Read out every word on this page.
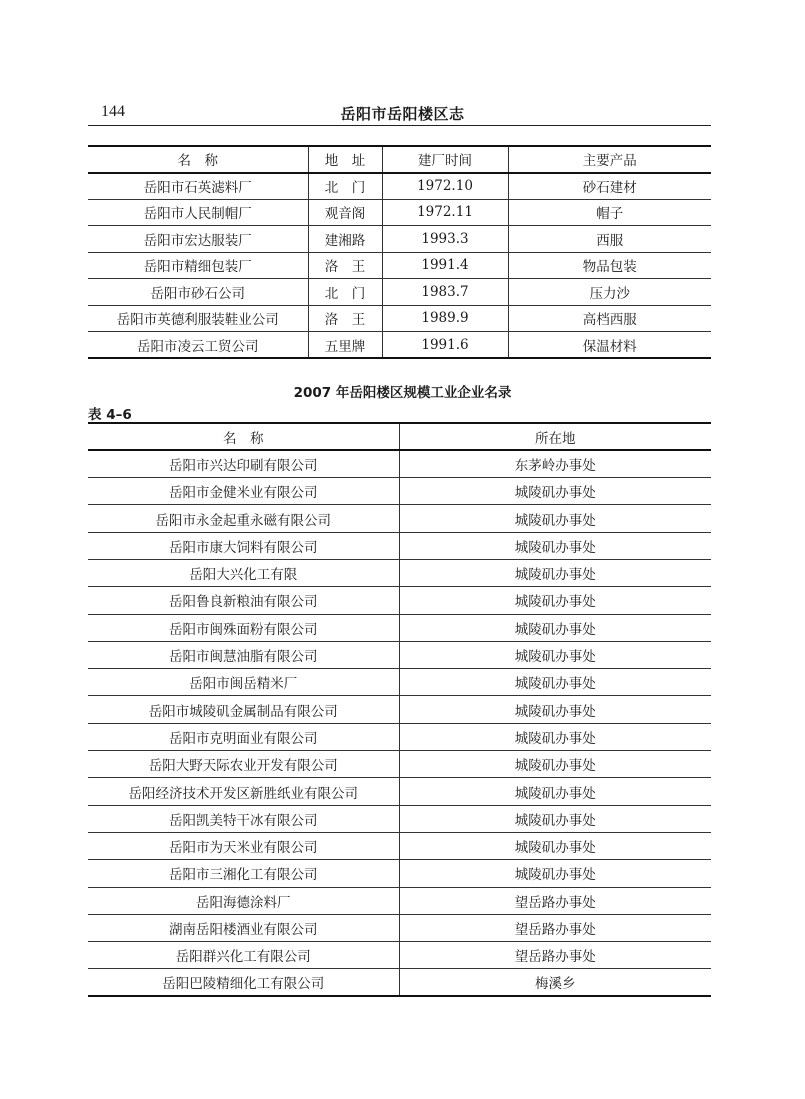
144	岳阳市岳阳楼区志
名　称	地　址	建厂时间	主要产品
岳阳市石英滤料厂	北　门	1972.10	砂石建材
岳阳市人民制帽厂	观音阁	1972.11	帽子
岳阳市宏达服装厂	建湘路	1993.3	西服
岳阳市精细包装厂	洛　王	1991.4	物品包装
岳阳市砂石公司	北　门	1983.7	压力沙
岳阳市英德利服装鞋业公司	洛　王	1989.9	高档西服
岳阳市凌云工贸公司	五里牌	1991.6	保温材料
2007 年岳阳楼区规模工业企业名录
表 4–6
名　称	所在地
岳阳市兴达印刷有限公司	东茅岭办事处
岳阳市金健米业有限公司	城陵矶办事处
岳阳市永金起重永磁有限公司	城陵矶办事处
岳阳市康大饲料有限公司	城陵矶办事处
岳阳大兴化工有限	城陵矶办事处
岳阳鲁良新粮油有限公司	城陵矶办事处
岳阳市闽殊面粉有限公司	城陵矶办事处
岳阳市闽慧油脂有限公司	城陵矶办事处
岳阳市闽岳精米厂	城陵矶办事处
岳阳市城陵矶金属制品有限公司	城陵矶办事处
岳阳市克明面业有限公司	城陵矶办事处
岳阳大野天际农业开发有限公司	城陵矶办事处
岳阳经济技术开发区新胜纸业有限公司	城陵矶办事处
岳阳凯美特干冰有限公司	城陵矶办事处
岳阳市为天米业有限公司	城陵矶办事处
岳阳市三湘化工有限公司	城陵矶办事处
岳阳海德涂料厂	望岳路办事处
湖南岳阳楼酒业有限公司	望岳路办事处
岳阳群兴化工有限公司	望岳路办事处
岳阳巴陵精细化工有限公司	梅溪乡
